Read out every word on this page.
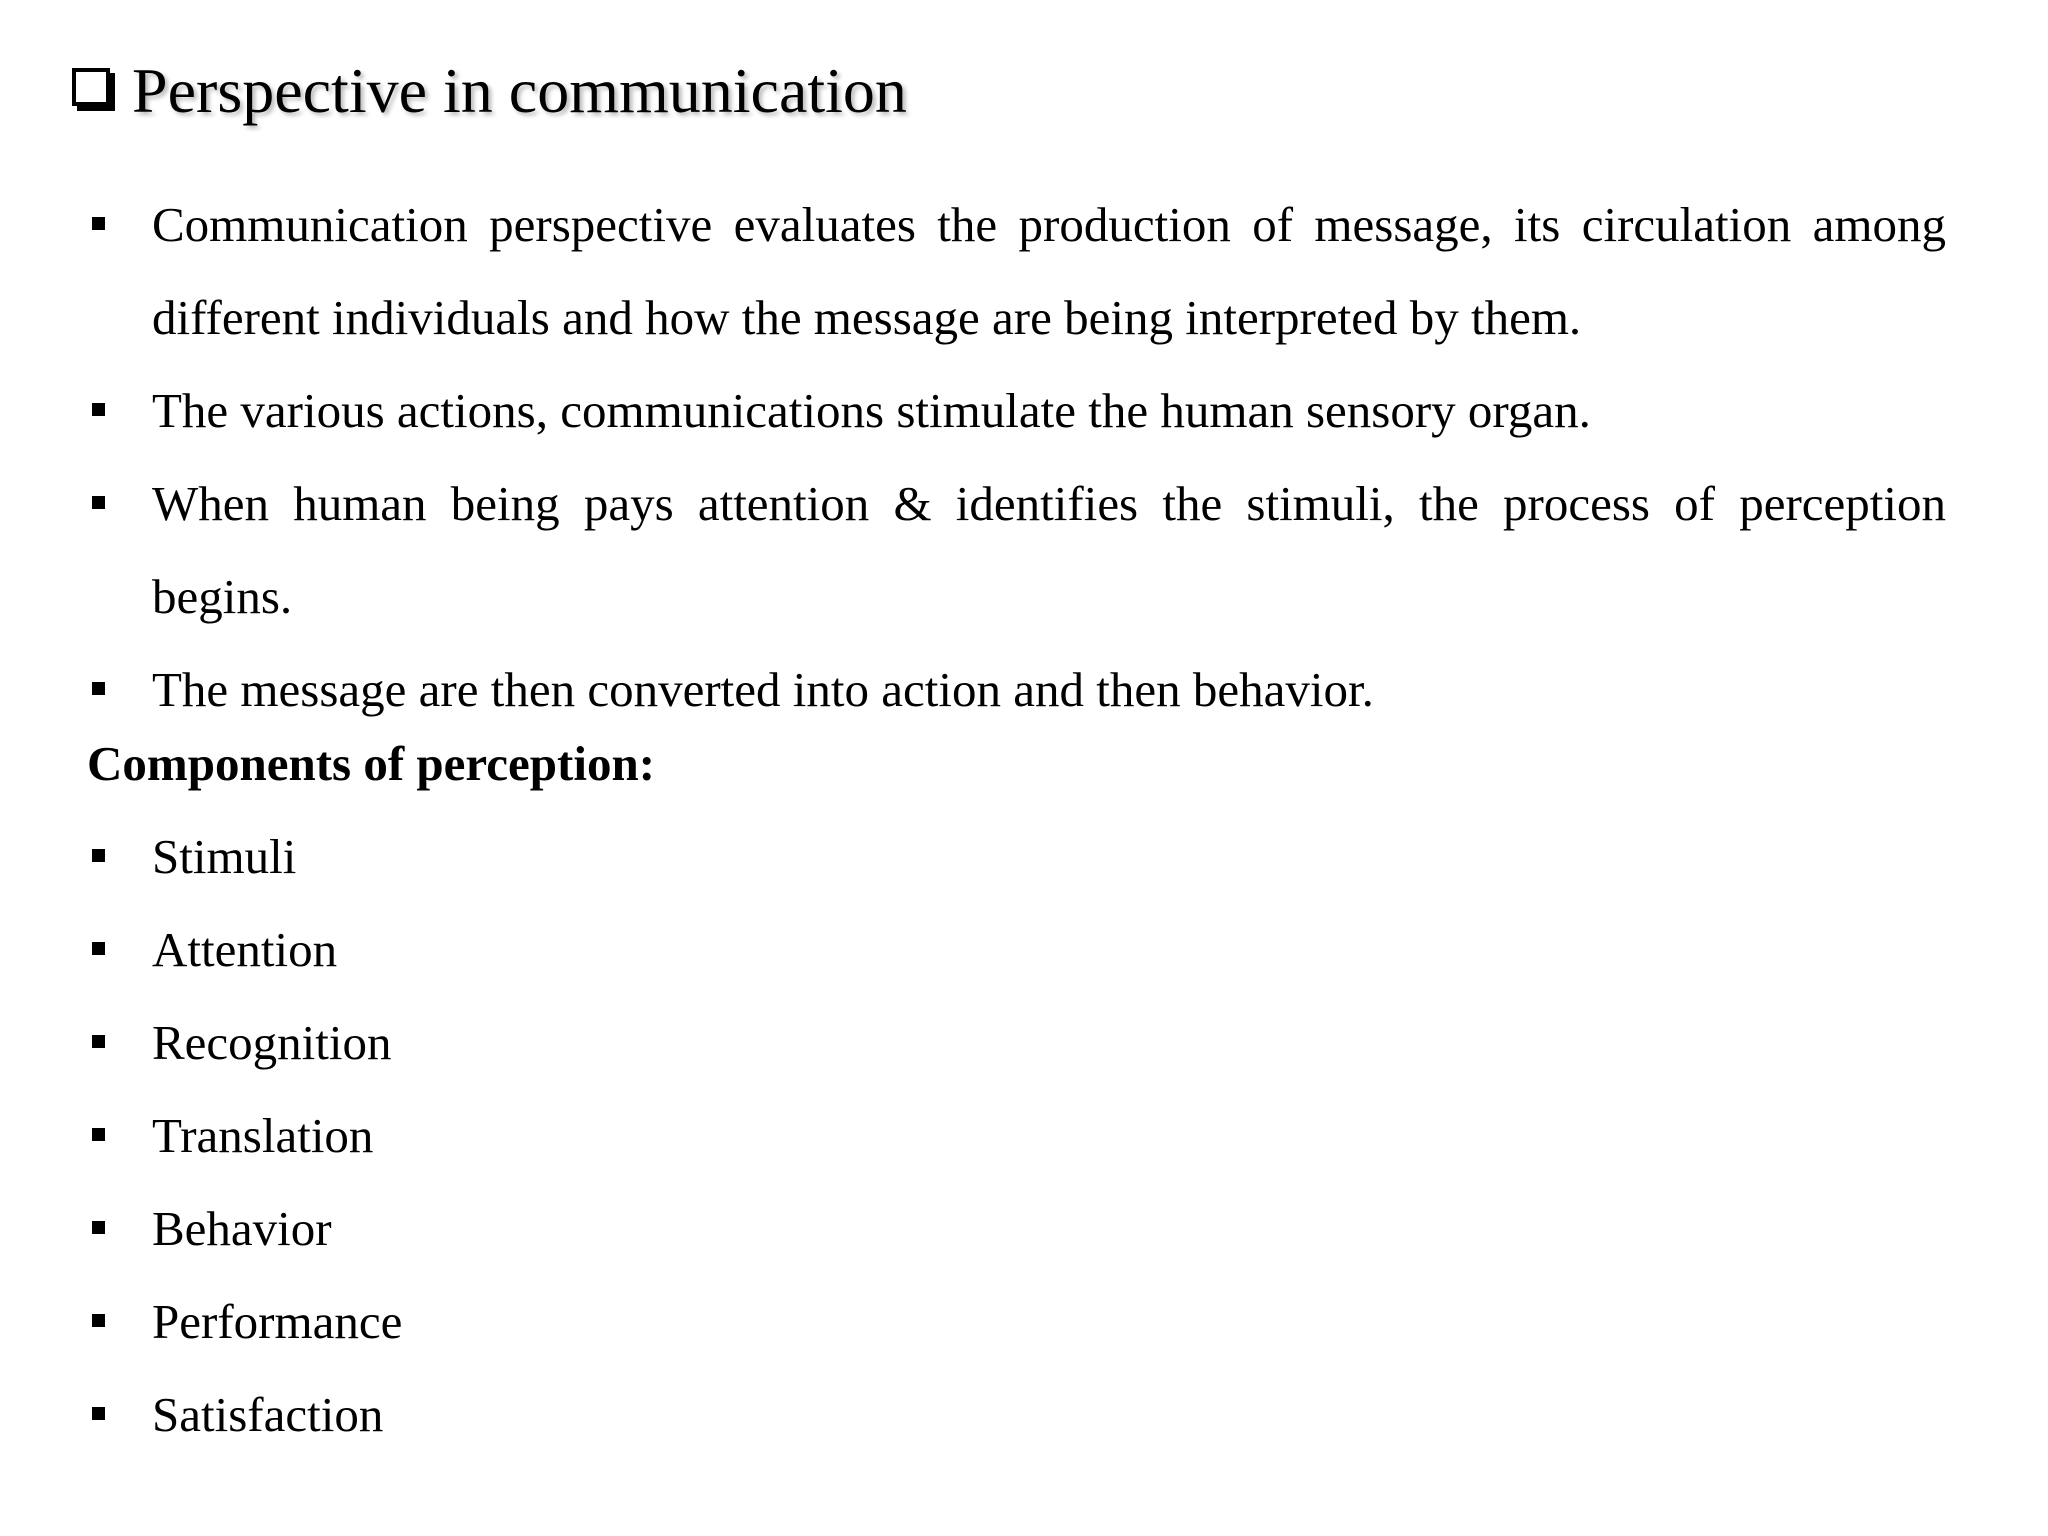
Perspective in communication
Communication perspective evaluates the production of message, its circulation among different individuals and how the message are being interpreted by them.
The various actions, communications stimulate the human sensory organ.
When human being pays attention & identifies the stimuli, the process of perception begins.
The message are then converted into action and then behavior.
Components of perception:
Stimuli
Attention
Recognition
Translation
Behavior
Performance
Satisfaction
